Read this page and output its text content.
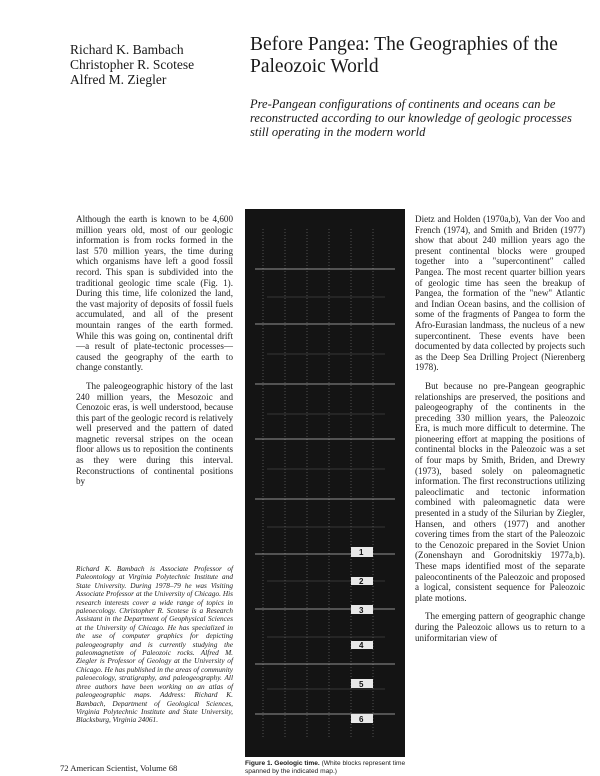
Richard K. Bambach
Christopher R. Scotese
Alfred M. Ziegler
Before Pangea: The Geographies of the Paleozoic World
Pre-Pangean configurations of continents and oceans can be reconstructed according to our knowledge of geologic processes still operating in the modern world

Although the earth is known to be 4,600 million years old, most of our geologic information is from rocks formed in the last 570 million years, the time during which organisms have left a good fossil record. This span is subdivided into the traditional geologic time scale (Fig. 1). During this time, life colonized the land, the vast majority of deposits of fossil fuels accumulated, and all of the present mountain ranges of the earth formed. While this was going on, continental drift—a result of plate-tectonic processes—caused the geography of the earth to change constantly.

The paleogeographic history of the last 240 million years, the Mesozoic and Cenozoic eras, is well understood, because this part of the geologic record is relatively well preserved and the pattern of dated magnetic reversal stripes on the ocean floor allows us to reposition the continents as they were during this interval. Reconstructions of continental positions by

Richard K. Bambach is Associate Professor of Paleontology at Virginia Polytechnic Institute and State University. During 1978–79 he was Visiting Associate Professor at the University of Chicago. His research interests cover a wide range of topics in paleoecology. Christopher R. Scotese is a Research Assistant in the Department of Geophysical Sciences at the University of Chicago. He has specialized in the use of computer graphics for depicting paleogeography and is currently studying the paleomagnetism of Paleozoic rocks. Alfred M. Ziegler is Professor of Geology at the University of Chicago. He has published in the areas of community paleoecology, stratigraphy, and paleogeography. All three authors have been working on an atlas of paleogeographic maps. Address: Richard K. Bambach, Department of Geological Sciences, Virginia Polytechnic Institute and State University, Blacksburg, Virginia 24061.
1
2
3
4
5
6
Figure 1. Geologic time. (White blocks represent time spanned by the indicated map.)

Dietz and Holden (1970a,b), Van der Voo and French (1974), and Smith and Briden (1977) show that about 240 million years ago the present continental blocks were grouped together into a "supercontinent" called Pangea. The most recent quarter billion years of geologic time has seen the breakup of Pangea, the formation of the "new" Atlantic and Indian Ocean basins, and the collision of some of the fragments of Pangea to form the Afro-Eurasian landmass, the nucleus of a new supercontinent. These events have been documented by data collected by projects such as the Deep Sea Drilling Project (Nierenberg 1978).

But because no pre-Pangean geographic relationships are preserved, the positions and paleogeography of the continents in the preceding 330 million years, the Paleozoic Era, is much more difficult to determine. The pioneering effort at mapping the positions of continental blocks in the Paleozoic was a set of four maps by Smith, Briden, and Drewry (1973), based solely on paleomagnetic information. The first reconstructions utilizing paleoclimatic and tectonic information combined with paleomagnetic data were presented in a study of the Silurian by Ziegler, Hansen, and others (1977) and another covering times from the start of the Paleozoic to the Cenozoic prepared in the Soviet Union (Zonenshayn and Gorodnitskiy 1977a,b). These maps identified most of the separate paleocontinents of the Paleozoic and proposed a logical, consistent sequence for Paleozoic plate motions.

The emerging pattern of geographic change during the Paleozoic allows us to return to a uniformitarian view of

72 American Scientist, Volume 68
